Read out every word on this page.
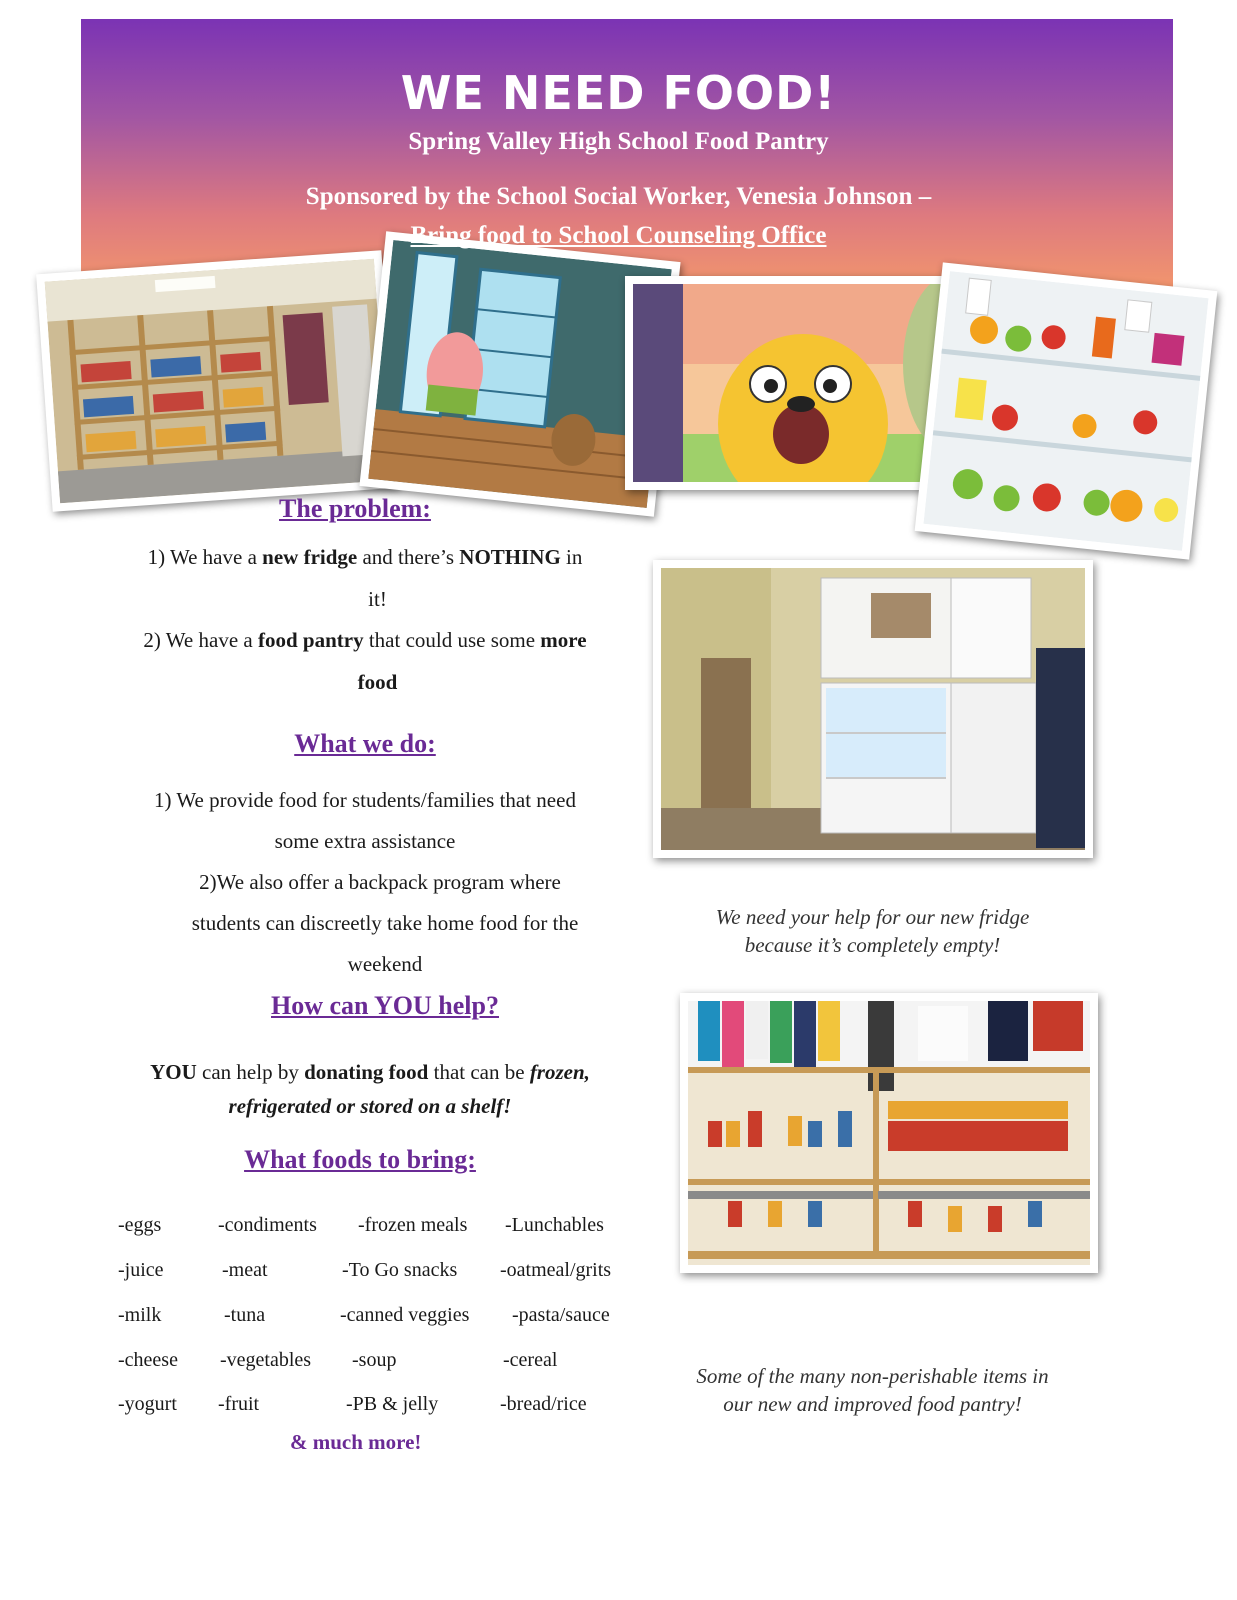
WE NEED FOOD!
Spring Valley High School Food Pantry
Sponsored by the School Social Worker, Venesia Johnson –
Bring food to School Counseling Office
The problem:
1) We have a new fridge and there’s NOTHING in
it!
2) We have a food pantry that could use some more
food
What we do:
1) We provide food for students/families that need
some extra assistance
2)We also offer a backpack program where
students can discreetly take home food for the
weekend
How can YOU help?
YOU can help by donating food that can be frozen,
refrigerated or stored on a shelf!
What foods to bring:
-eggs	-condiments -frozen meals -Lunchables
-juice	-meat	-To Go snacks -oatmeal/grits
-milk	-tuna	-canned veggies -pasta/sauce
-cheese -vegetables -soup	-cereal
-yogurt -fruit	-PB & jelly	-bread/rice
& much more!
We need your help for our new fridge
because it’s completely empty!
Some of the many non-perishable items in
our new and improved food pantry!
